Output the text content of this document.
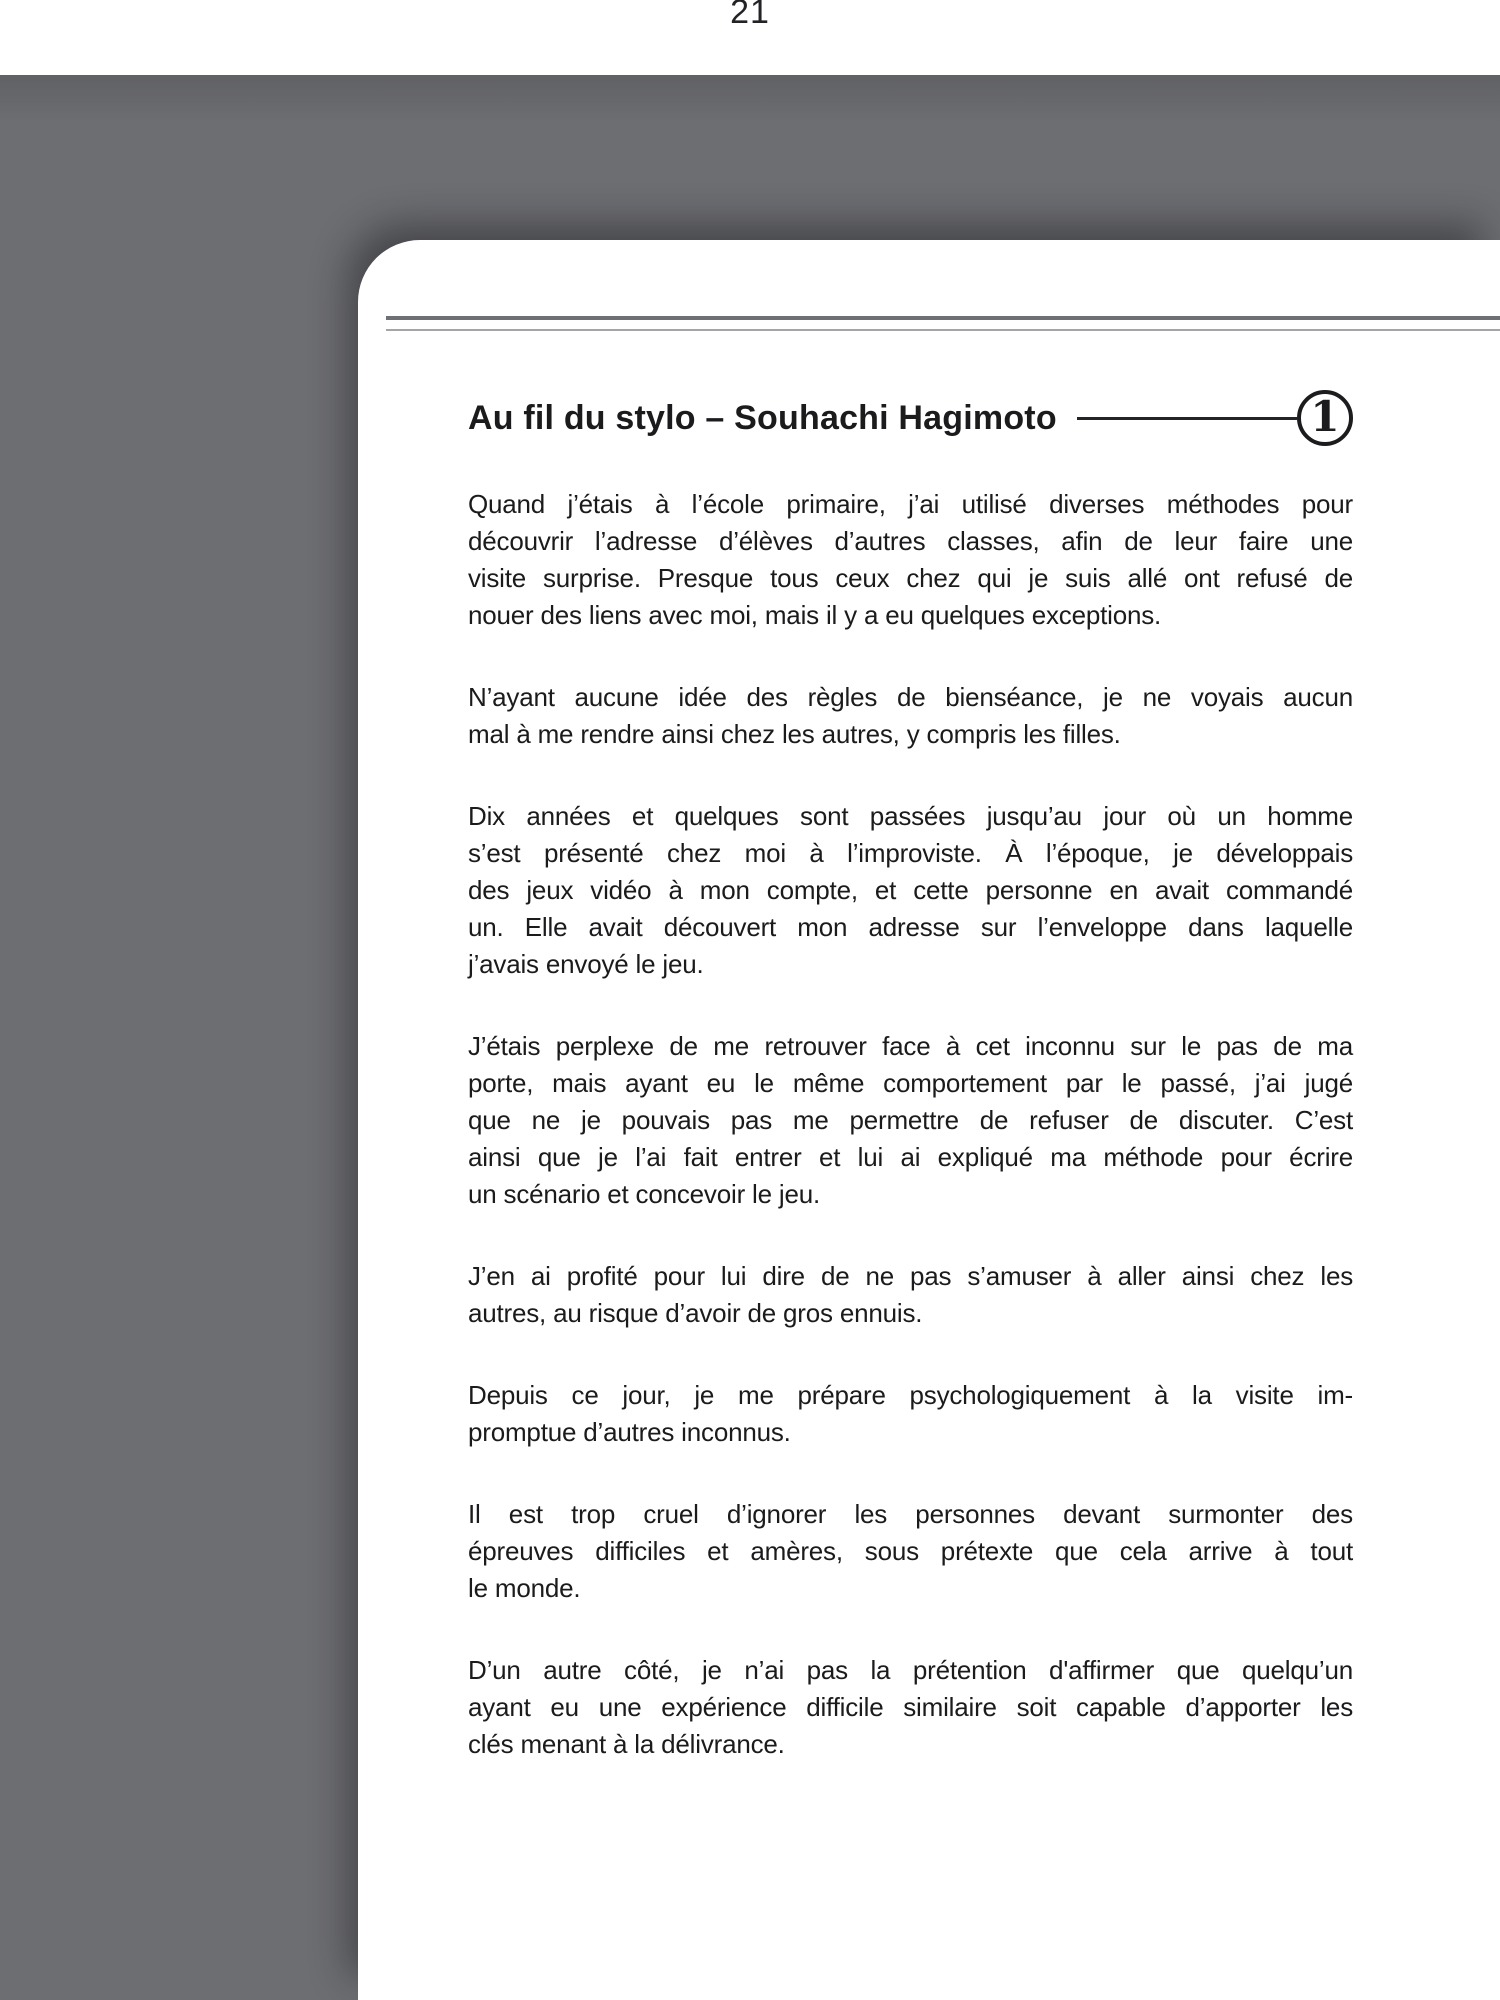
21
Au fil du stylo – Souhachi Hagimoto	1
Quand j’étais à l’école primaire, j’ai utilisé diverses méthodes pour
découvrir l’adresse d’élèves d’autres classes, afin de leur faire une
visite surprise. Presque tous ceux chez qui je suis allé ont refusé de
nouer des liens avec moi, mais il y a eu quelques exceptions.
N’ayant aucune idée des règles de bienséance, je ne voyais aucun
mal à me rendre ainsi chez les autres, y compris les filles.
Dix années et quelques sont passées jusqu’au jour où un homme
s’est présenté chez moi à l’improviste. À l’époque, je développais
des jeux vidéo à mon compte, et cette personne en avait commandé
un. Elle avait découvert mon adresse sur l’enveloppe dans laquelle
j’avais envoyé le jeu.
J’étais perplexe de me retrouver face à cet inconnu sur le pas de ma
porte, mais ayant eu le même comportement par le passé, j’ai jugé
que ne je pouvais pas me permettre de refuser de discuter. C’est
ainsi que je l’ai fait entrer et lui ai expliqué ma méthode pour écrire
un scénario et concevoir le jeu.
J’en ai profité pour lui dire de ne pas s’amuser à aller ainsi chez les
autres, au risque d’avoir de gros ennuis.
Depuis ce jour, je me prépare psychologiquement à la visite im-
promptue d’autres inconnus.
Il est trop cruel d’ignorer les personnes devant surmonter des
épreuves difficiles et amères, sous prétexte que cela arrive à tout
le monde.
D’un autre côté, je n’ai pas la prétention d'affirmer que quelqu’un
ayant eu une expérience difficile similaire soit capable d’apporter les
clés menant à la délivrance.
